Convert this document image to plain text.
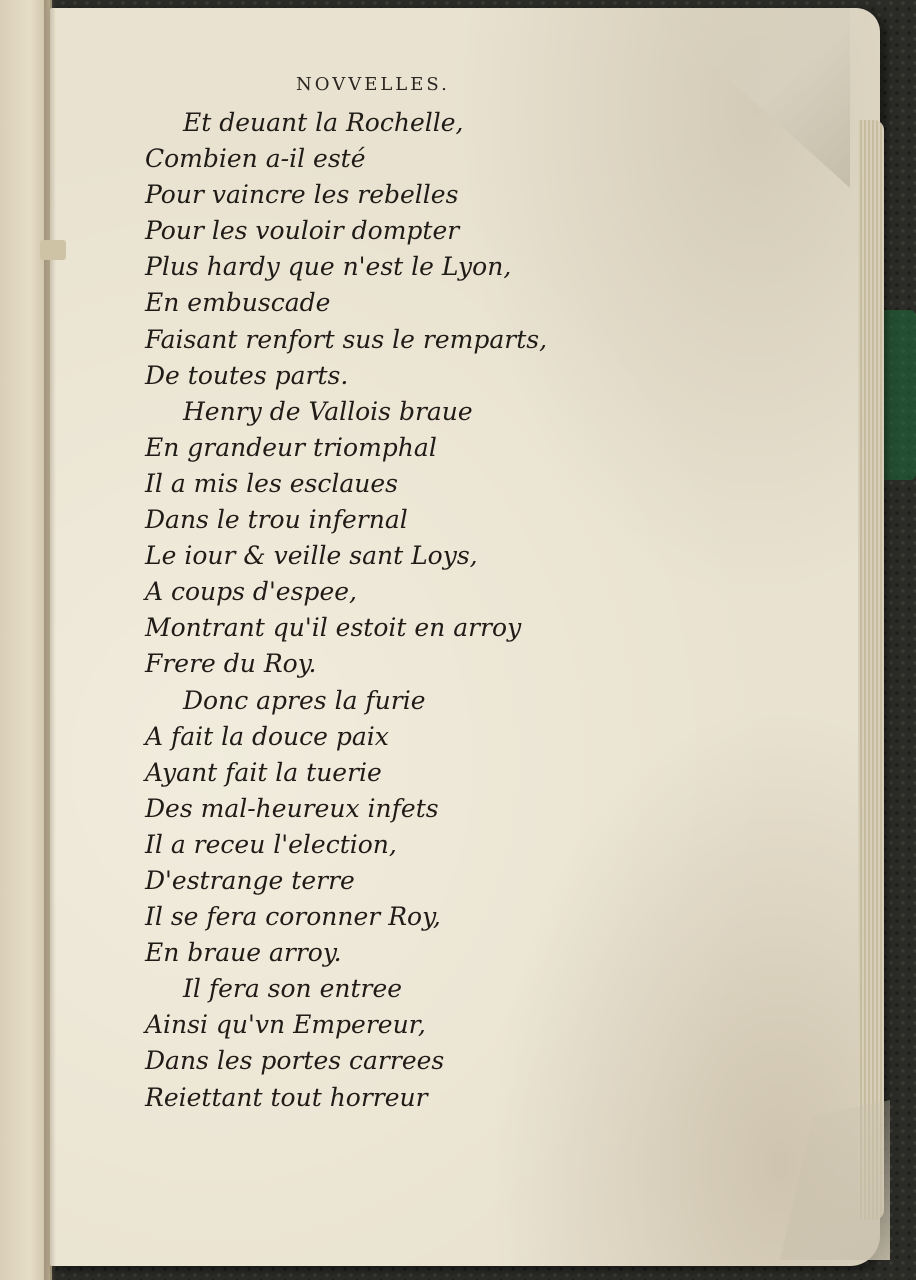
NOVVELLES.
Et deuant la Rochelle,
Combien a-il esté
Pour vaincre les rebelles
Pour les vouloir dompter
Plus hardy que n'est le Lyon,
En embuscade
Faisant renfort sus le remparts,
De toutes parts.
Henry de Vallois braue
En grandeur triomphal
Il a mis les esclaues
Dans le trou infernal
Le iour & veille sant Loys,
A coups d'espee,
Montrant qu'il estoit en arroy
Frere du Roy.
Donc apres la furie
A fait la douce paix
Ayant fait la tuerie
Des mal-heureux infets
Il a receu l'election,
D'estrange terre
Il se fera coronner Roy,
En braue arroy.
Il fera son entree
Ainsi qu'vn Empereur,
Dans les portes carrees
Reiettant tout horreur
